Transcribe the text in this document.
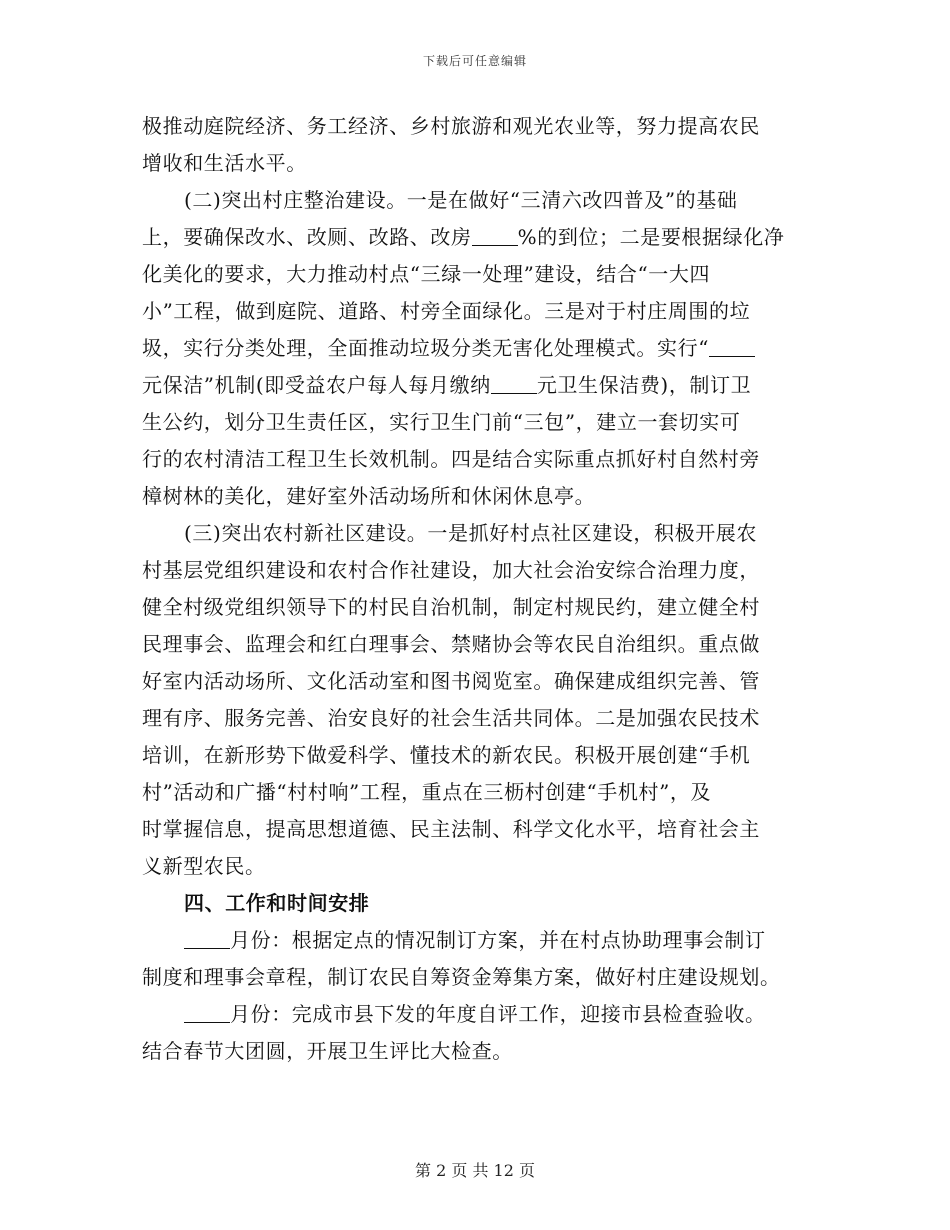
下载后可任意编辑
极推动庭院经济、务工经济、乡村旅游和观光农业等，努力提高农民
增收和生活水平。
(二)突出村庄整治建设。一是在做好“三清六改四普及”的基础
上，要确保改水、改厕、改路、改房 %的到位；二是要根据绿化净
化美化的要求，大力推动村点“三绿一处理”建设，结合“一大四
小”工程，做到庭院、道路、村旁全面绿化。三是对于村庄周围的垃
圾，实行分类处理，全面推动垃圾分类无害化处理模式。实行“
元保洁”机制(即受益农户每人每月缴纳 元卫生保洁费)，制订卫
生公约，划分卫生责任区，实行卫生门前“三包”，建立一套切实可
行的农村清洁工程卫生长效机制。四是结合实际重点抓好村自然村旁
樟树林的美化，建好室外活动场所和休闲休息亭。
(三)突出农村新社区建设。一是抓好村点社区建设，积极开展农
村基层党组织建设和农村合作社建设，加大社会治安综合治理力度，
健全村级党组织领导下的村民自治机制，制定村规民约，建立健全村
民理事会、监理会和红白理事会、禁赌协会等农民自治组织。重点做
好室内活动场所、文化活动室和图书阅览室。确保建成组织完善、管
理有序、服务完善、治安良好的社会生活共同体。二是加强农民技术
培训，在新形势下做爱科学、懂技术的新农民。积极开展创建“手机
村”活动和广播“村村响”工程，重点在三枥村创建“手机村”，及
时掌握信息，提高思想道德、民主法制、科学文化水平，培育社会主
义新型农民。
四、工作和时间安排
月份：根据定点的情况制订方案，并在村点协助理事会制订
制度和理事会章程，制订农民自筹资金筹集方案，做好村庄建设规划。
月份：完成市县下发的年度自评工作，迎接市县检查验收。
结合春节大团圆，开展卫生评比大检查。
第 2 页 共 12 页
